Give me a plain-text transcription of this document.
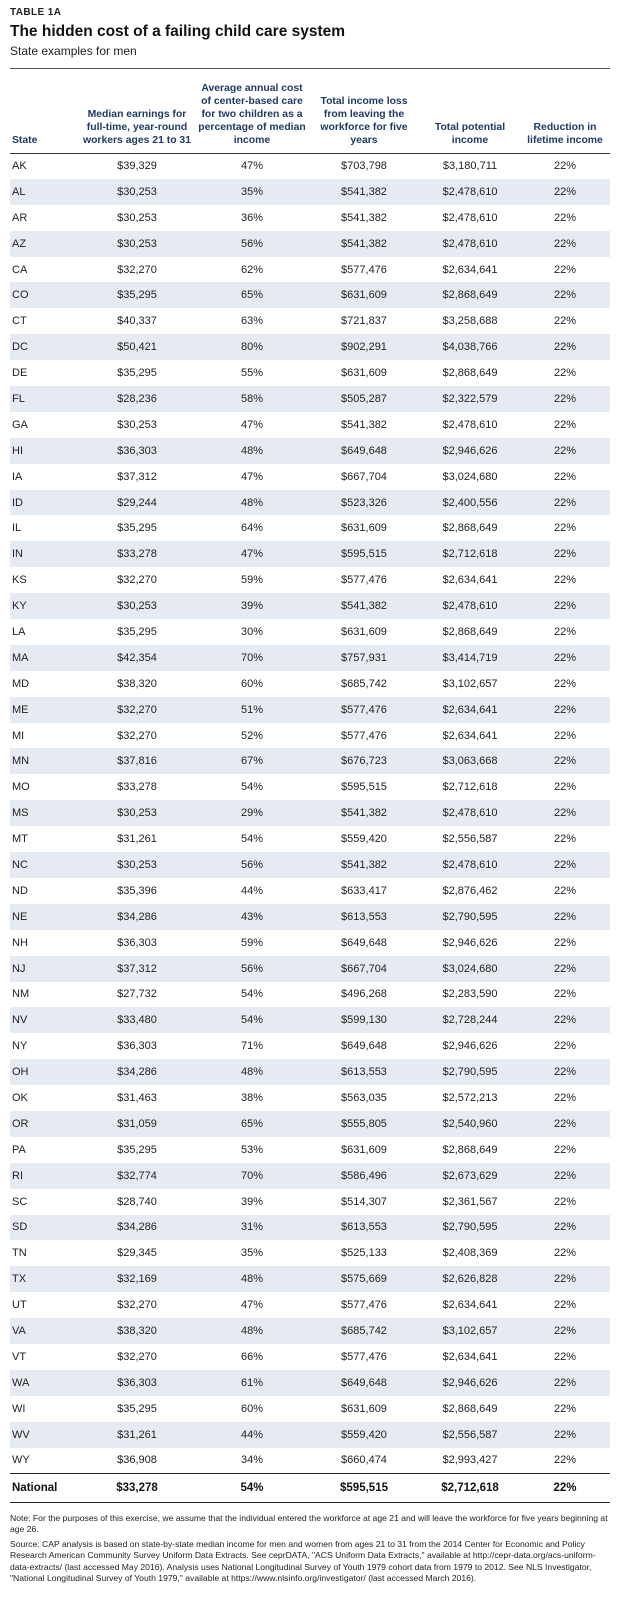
TABLE 1A
The hidden cost of a failing child care system
State examples for men
State	Median earnings for full-time, year-round workers ages 21 to 31	Average annual cost of center-based care for two children as a percentage of median income	Total income loss from leaving the workforce for five years	Total potential income	Reduction in lifetime income
AK	$39,329	47%	$703,798	$3,180,711	22%
AL	$30,253	35%	$541,382	$2,478,610	22%
AR	$30,253	36%	$541,382	$2,478,610	22%
AZ	$30,253	56%	$541,382	$2,478,610	22%
CA	$32,270	62%	$577,476	$2,634,641	22%
CO	$35,295	65%	$631,609	$2,868,649	22%
CT	$40,337	63%	$721,837	$3,258,688	22%
DC	$50,421	80%	$902,291	$4,038,766	22%
DE	$35,295	55%	$631,609	$2,868,649	22%
FL	$28,236	58%	$505,287	$2,322,579	22%
GA	$30,253	47%	$541,382	$2,478,610	22%
HI	$36,303	48%	$649,648	$2,946,626	22%
IA	$37,312	47%	$667,704	$3,024,680	22%
ID	$29,244	48%	$523,326	$2,400,556	22%
IL	$35,295	64%	$631,609	$2,868,649	22%
IN	$33,278	47%	$595,515	$2,712,618	22%
KS	$32,270	59%	$577,476	$2,634,641	22%
KY	$30,253	39%	$541,382	$2,478,610	22%
LA	$35,295	30%	$631,609	$2,868,649	22%
MA	$42,354	70%	$757,931	$3,414,719	22%
MD	$38,320	60%	$685,742	$3,102,657	22%
ME	$32,270	51%	$577,476	$2,634,641	22%
MI	$32,270	52%	$577,476	$2,634,641	22%
MN	$37,816	67%	$676,723	$3,063,668	22%
MO	$33,278	54%	$595,515	$2,712,618	22%
MS	$30,253	29%	$541,382	$2,478,610	22%
MT	$31,261	54%	$559,420	$2,556,587	22%
NC	$30,253	56%	$541,382	$2,478,610	22%
ND	$35,396	44%	$633,417	$2,876,462	22%
NE	$34,286	43%	$613,553	$2,790,595	22%
NH	$36,303	59%	$649,648	$2,946,626	22%
NJ	$37,312	56%	$667,704	$3,024,680	22%
NM	$27,732	54%	$496,268	$2,283,590	22%
NV	$33,480	54%	$599,130	$2,728,244	22%
NY	$36,303	71%	$649,648	$2,946,626	22%
OH	$34,286	48%	$613,553	$2,790,595	22%
OK	$31,463	38%	$563,035	$2,572,213	22%
OR	$31,059	65%	$555,805	$2,540,960	22%
PA	$35,295	53%	$631,609	$2,868,649	22%
RI	$32,774	70%	$586,496	$2,673,629	22%
SC	$28,740	39%	$514,307	$2,361,567	22%
SD	$34,286	31%	$613,553	$2,790,595	22%
TN	$29,345	35%	$525,133	$2,408,369	22%
TX	$32,169	48%	$575,669	$2,626,828	22%
UT	$32,270	47%	$577,476	$2,634,641	22%
VA	$38,320	48%	$685,742	$3,102,657	22%
VT	$32,270	66%	$577,476	$2,634,641	22%
WA	$36,303	61%	$649,648	$2,946,626	22%
WI	$35,295	60%	$631,609	$2,868,649	22%
WV	$31,261	44%	$559,420	$2,556,587	22%
WY	$36,908	34%	$660,474	$2,993,427	22%
National	$33,278	54%	$595,515	$2,712,618	22%

Note: For the purposes of this exercise, we assume that the individual entered the workforce at age 21 and will leave the workforce for five years beginning at age 26.

Source: CAP analysis is based on state-by-state median income for men and women from ages 21 to 31 from the 2014 Center for Economic and Policy Research American Community Survey Uniform Data Extracts. See ceprDATA, "ACS Uniform Data Extracts," available at http://cepr-data.org/acs-uniform-data-extracts/ (last accessed May 2016). Analysis uses National Longitudinal Survey of Youth 1979 cohort data from 1979 to 2012. See NLS Investigator, "National Longitudinal Survey of Youth 1979," available at https://www.nlsinfo.org/investigator/ (last accessed March 2016).
